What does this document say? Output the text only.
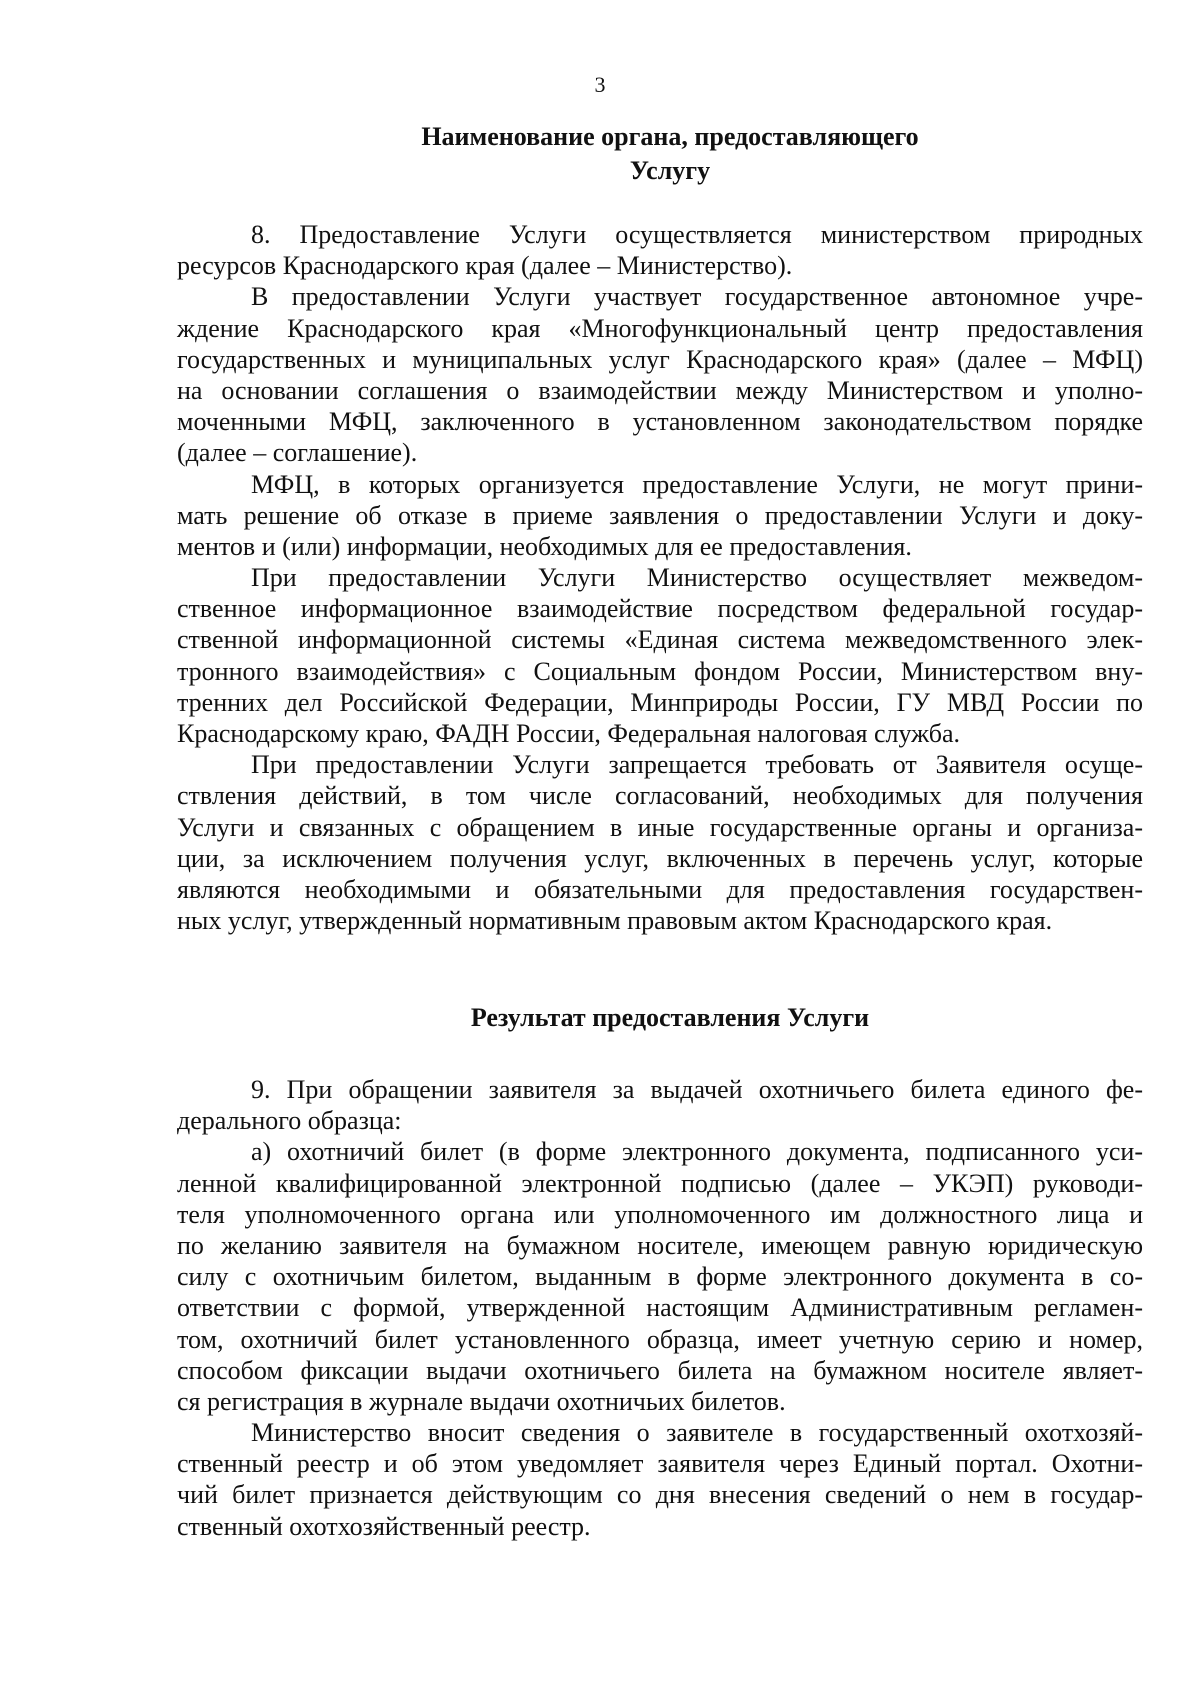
3
Наименование органа, предоставляющего
Услугу
8. Предоставление Услуги осуществляется министерством природных
ресурсов Краснодарского края (далее – Министерство).
В предоставлении Услуги участвует государственное автономное учре-
ждение Краснодарского края «Многофункциональный центр предоставления
государственных и муниципальных услуг Краснодарского края» (далее – МФЦ)
на основании соглашения о взаимодействии между Министерством и уполно-
моченными МФЦ, заключенного в установленном законодательством порядке
(далее – соглашение).
МФЦ, в которых организуется предоставление Услуги, не могут прини-
мать решение об отказе в приеме заявления о предоставлении Услуги и доку-
ментов и (или) информации, необходимых для ее предоставления.
При предоставлении Услуги Министерство осуществляет межведом-
ственное информационное взаимодействие посредством федеральной государ-
ственной информационной системы «Единая система межведомственного элек-
тронного взаимодействия» с Социальным фондом России, Министерством вну-
тренних дел Российской Федерации, Минприроды России, ГУ МВД России по
Краснодарскому краю, ФАДН России, Федеральная налоговая служба.
При предоставлении Услуги запрещается требовать от Заявителя осуще-
ствления действий, в том числе согласований, необходимых для получения
Услуги и связанных с обращением в иные государственные органы и организа-
ции, за исключением получения услуг, включенных в перечень услуг, которые
являются необходимыми и обязательными для предоставления государствен-
ных услуг, утвержденный нормативным правовым актом Краснодарского края.
Результат предоставления Услуги
9. При обращении заявителя за выдачей охотничьего билета единого фе-
дерального образца:
а) охотничий билет (в форме электронного документа, подписанного уси-
ленной квалифицированной электронной подписью (далее – УКЭП) руководи-
теля уполномоченного органа или уполномоченного им должностного лица и
по желанию заявителя на бумажном носителе, имеющем равную юридическую
силу с охотничьим билетом, выданным в форме электронного документа в со-
ответствии с формой, утвержденной настоящим Административным регламен-
том, охотничий билет установленного образца, имеет учетную серию и номер,
способом фиксации выдачи охотничьего билета на бумажном носителе являет-
ся регистрация в журнале выдачи охотничьих билетов.
Министерство вносит сведения о заявителе в государственный охотхозяй-
ственный реестр и об этом уведомляет заявителя через Единый портал. Охотни-
чий билет признается действующим со дня внесения сведений о нем в государ-
ственный охотхозяйственный реестр.
